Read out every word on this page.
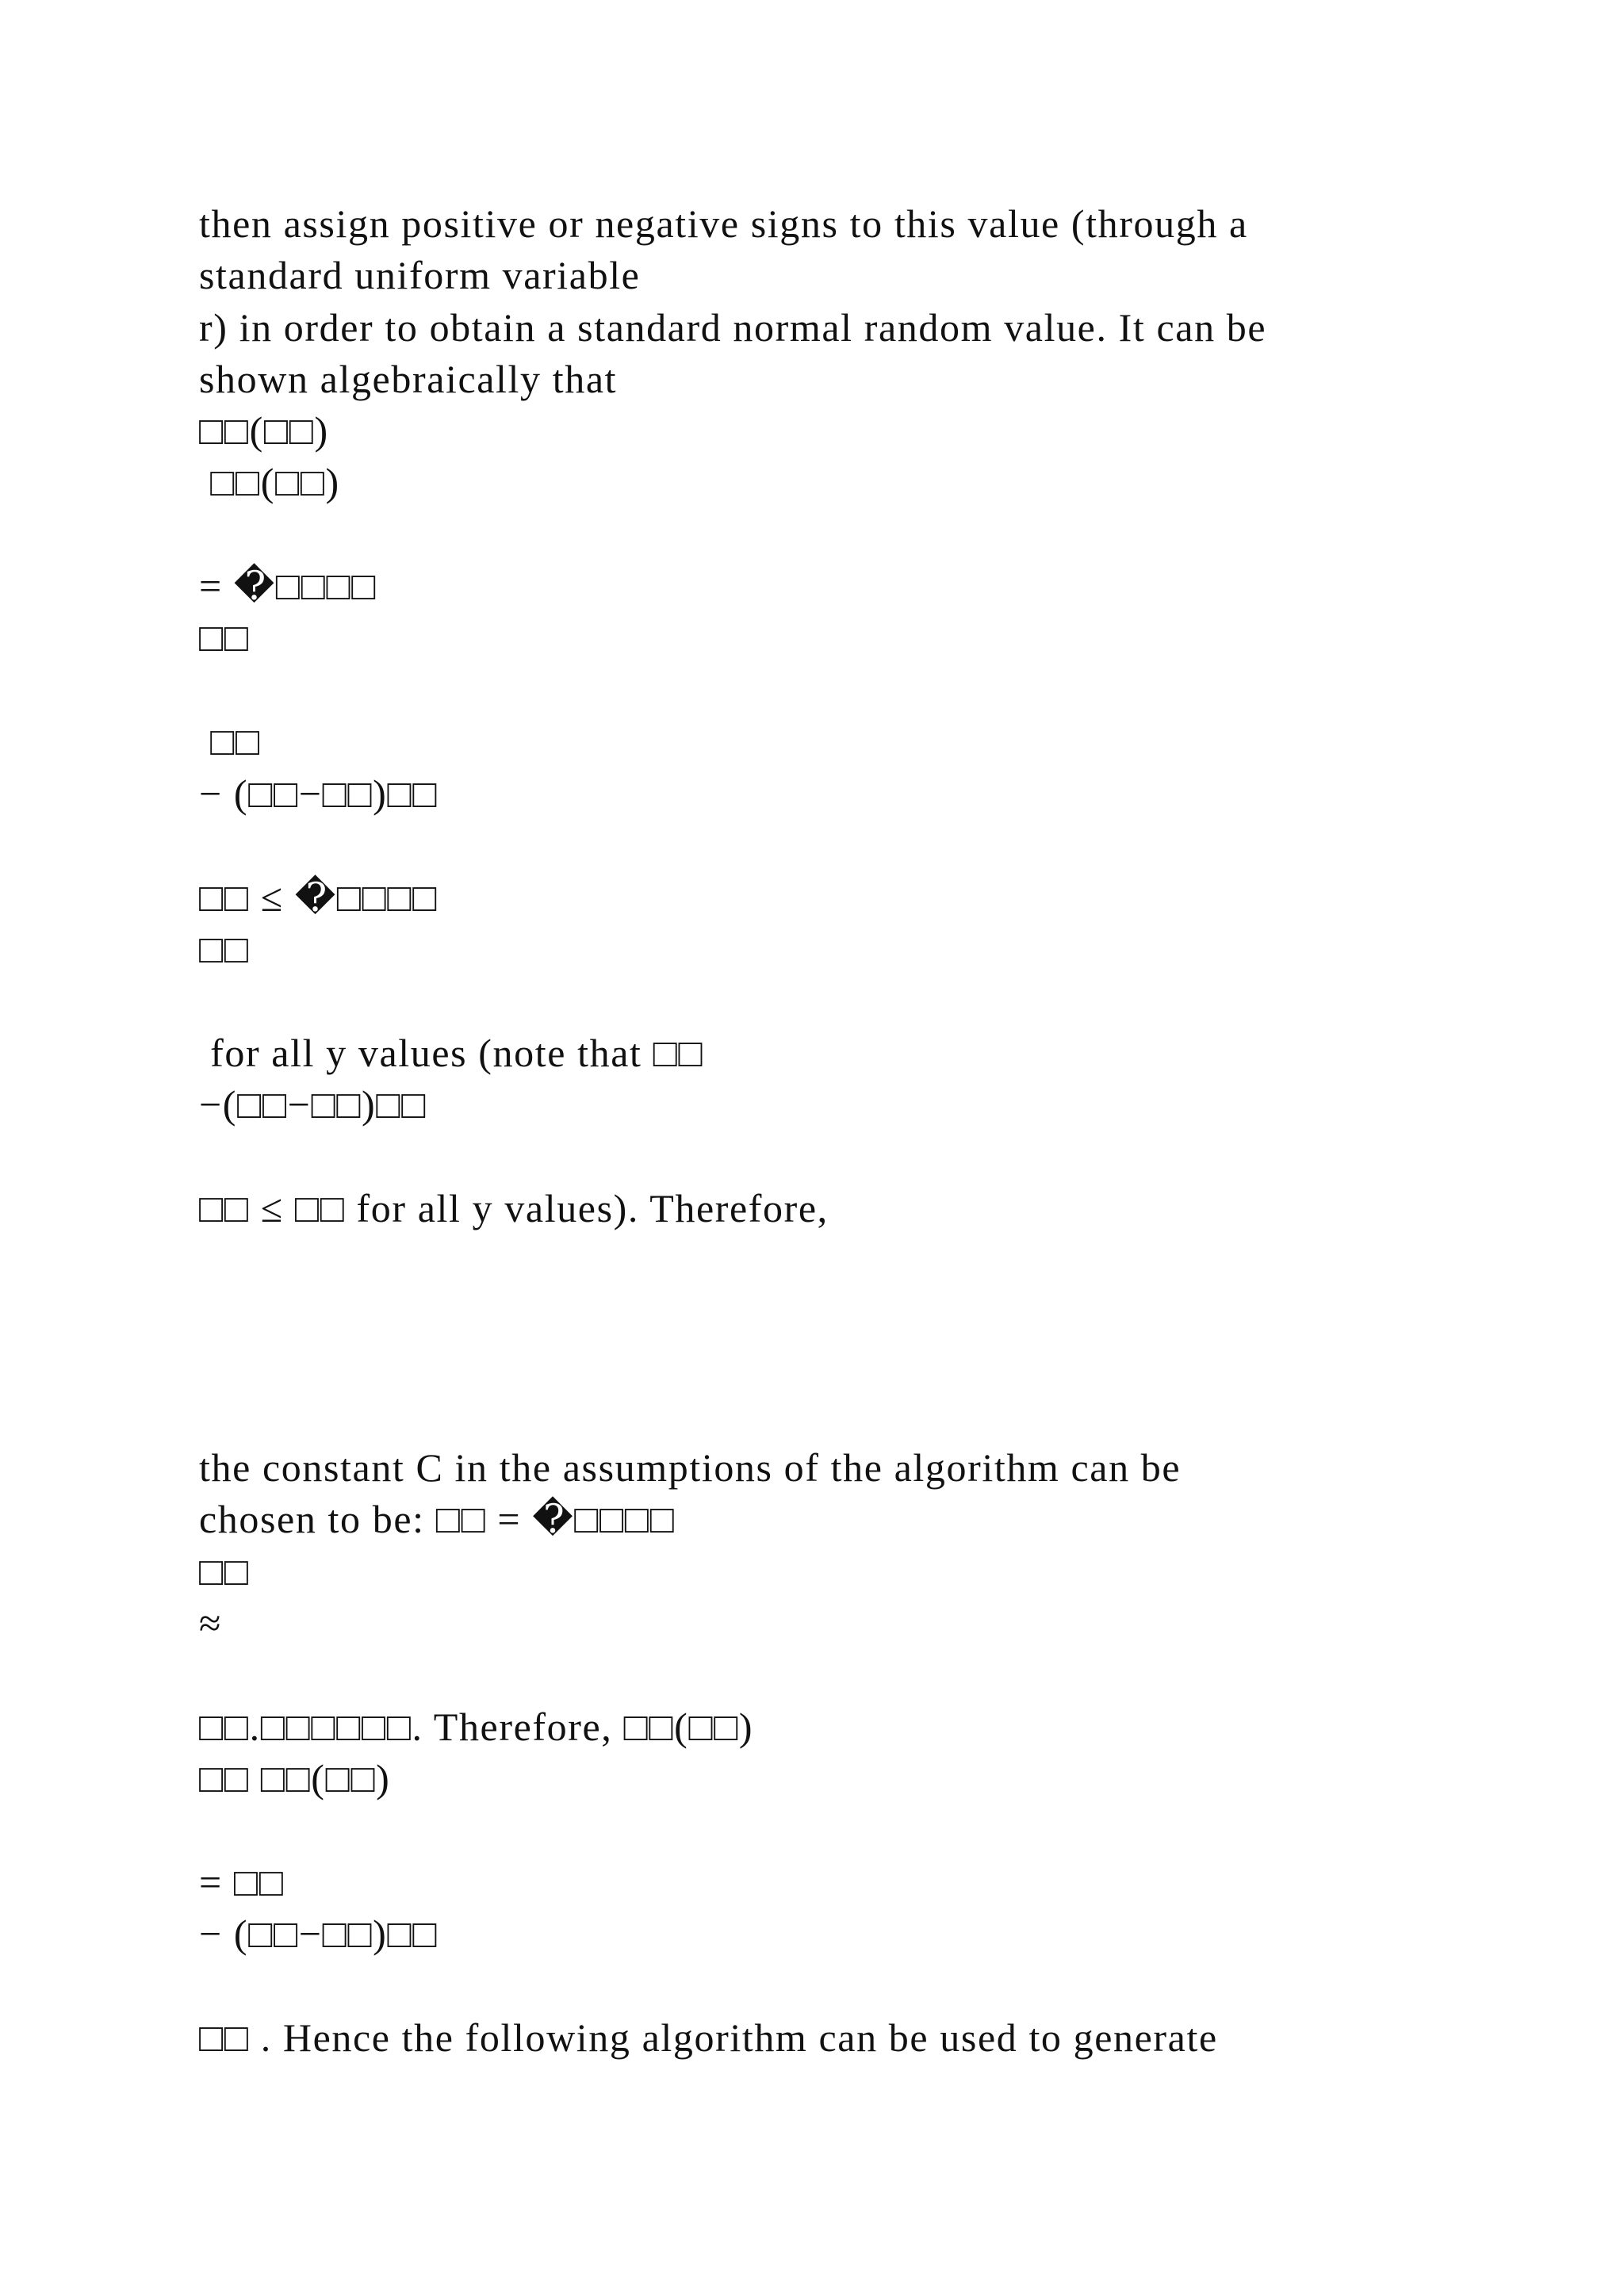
then assign positive or negative signs to this value (through a

standard uniform variable

r) in order to obtain a standard normal random value. It can be

shown algebraically that

□□(□□)

□□(□□)

= �□□□□

□□

□□

− (□□−□□)□□

□□ ≤ �□□□□

□□

for all y values (note that □□

−(□□−□□)□□

□□ ≤ □□ for all y values). Therefore,

the constant C in the assumptions of the algorithm can be

chosen to be: □□ = �□□□□

□□

≈

□□.□□□□□□. Therefore, □□(□□)

□□ □□(□□)

= □□

− (□□−□□)□□

□□ . Hence the following algorithm can be used to generate
